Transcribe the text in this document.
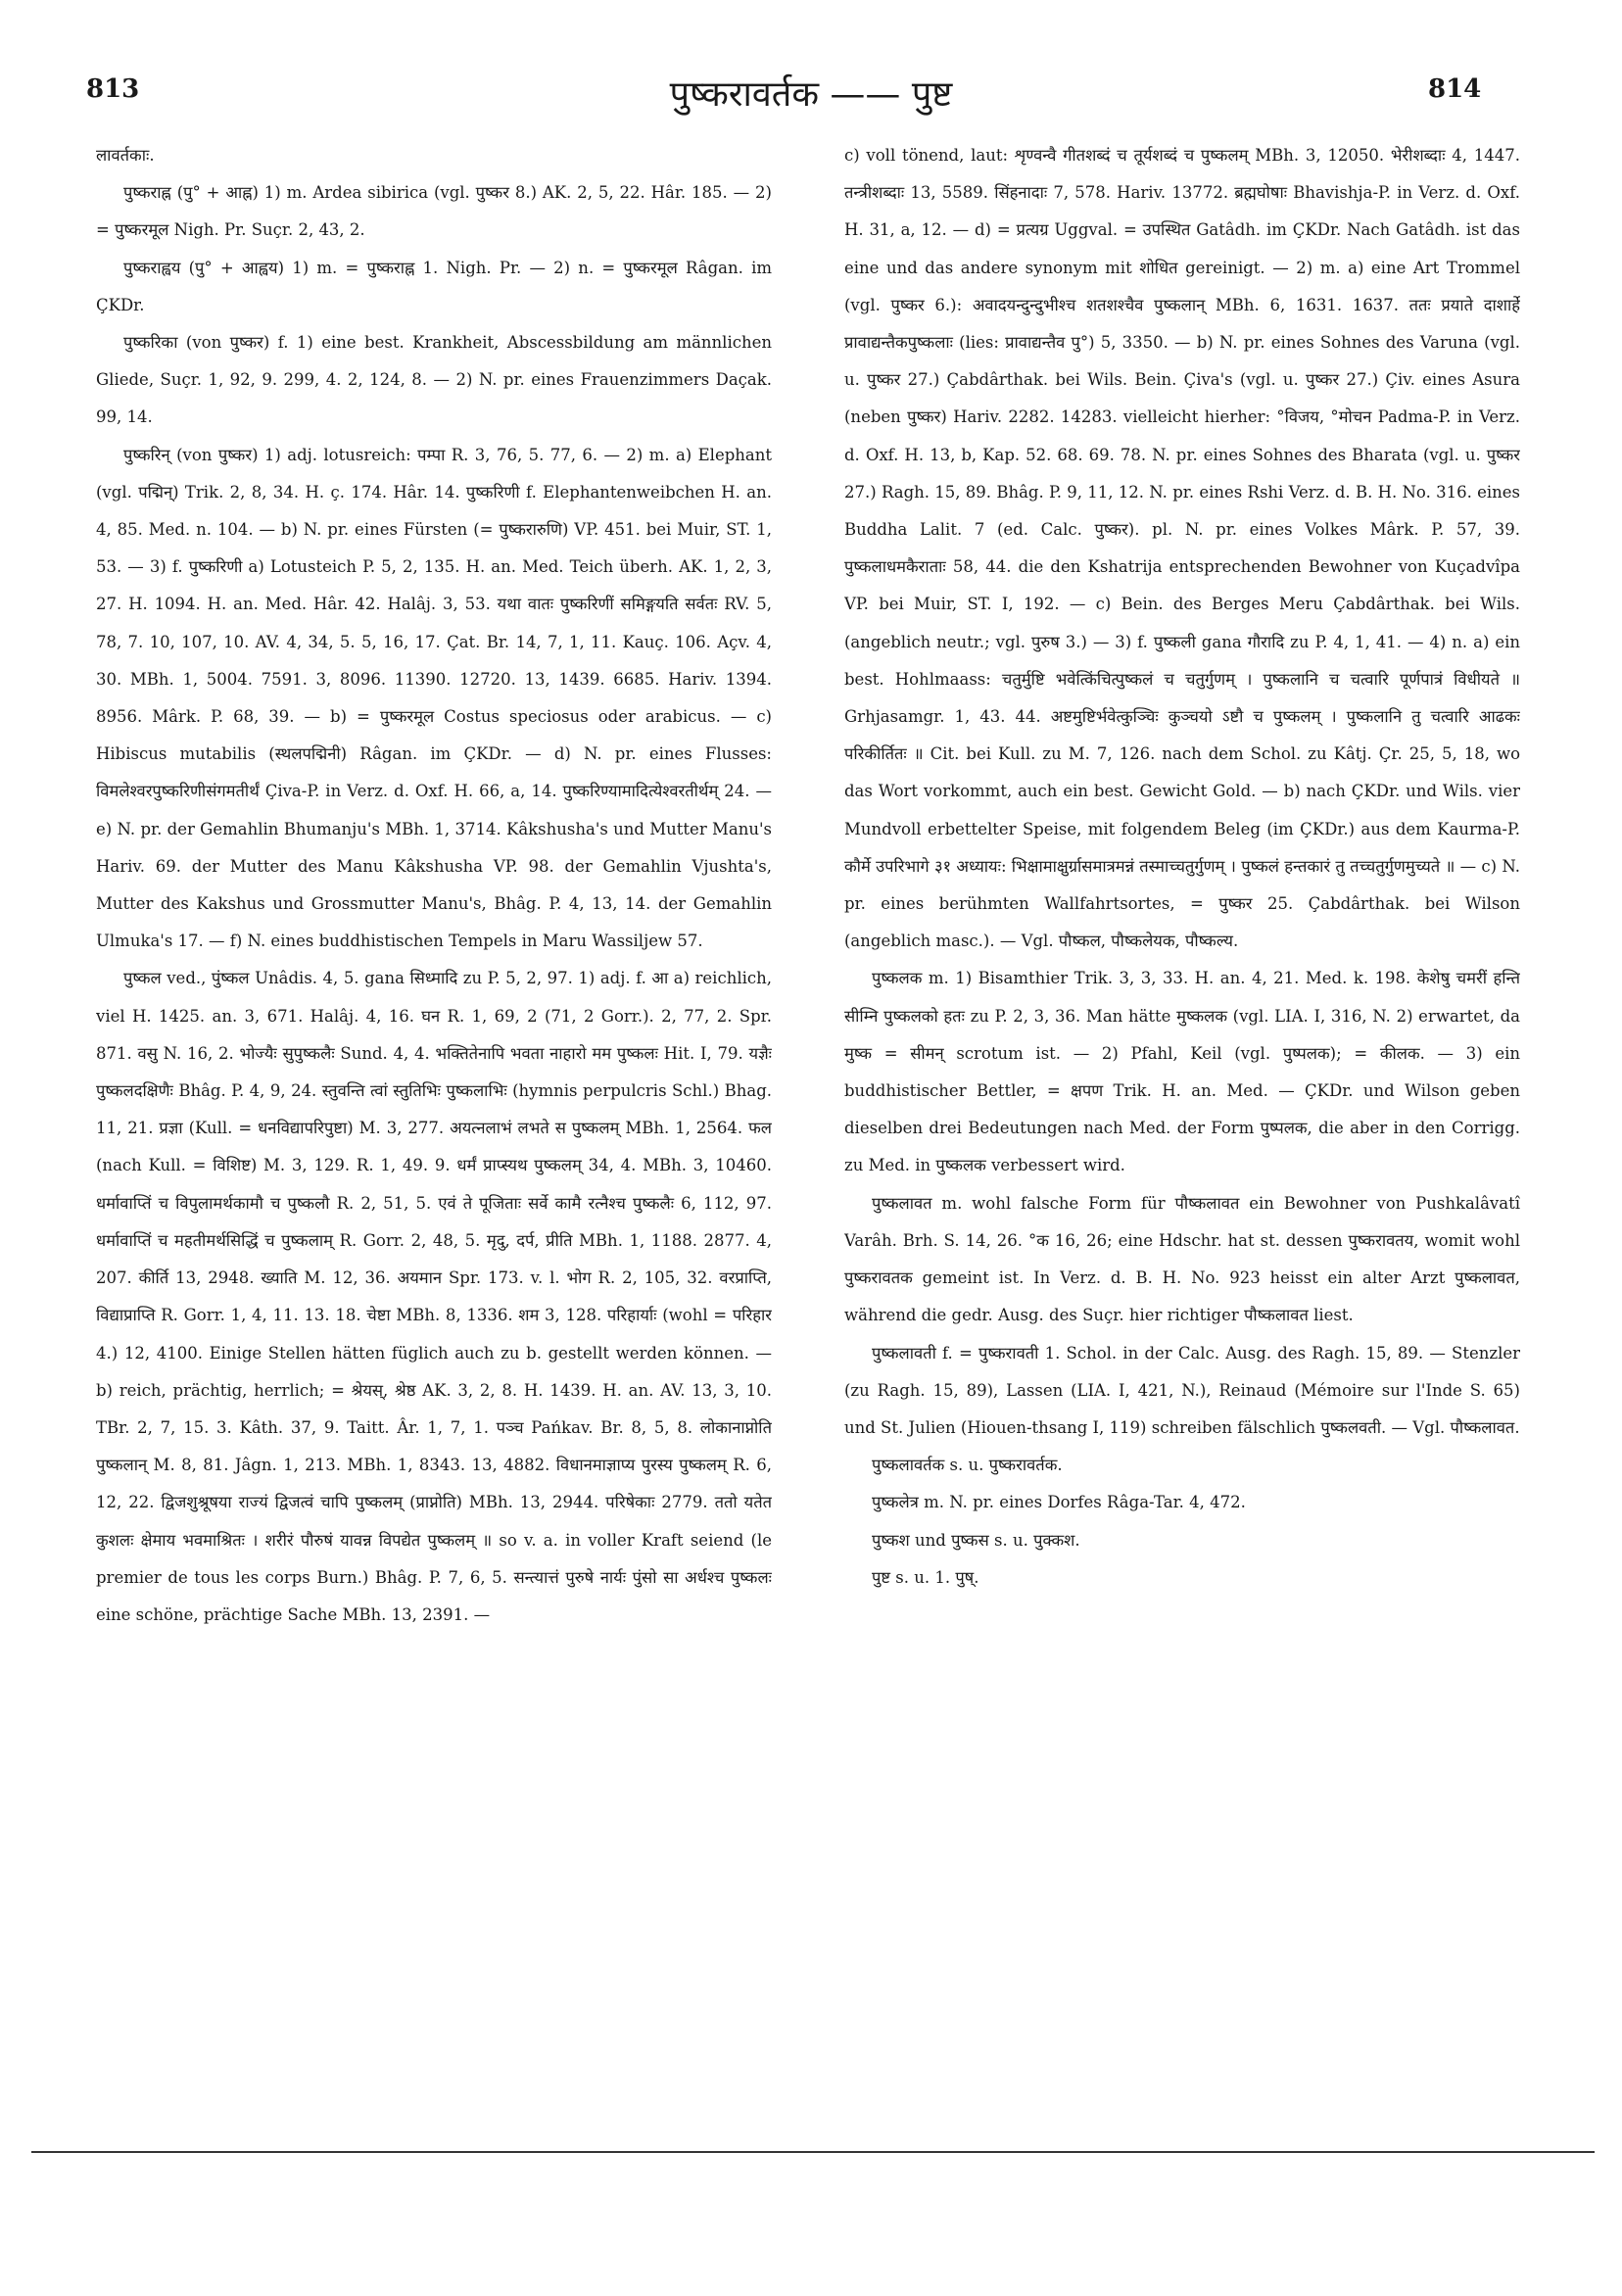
813	पुष्करावर्तक —— पुष्ट	814

लावर्तकाः.

पुष्कराह्न (पु° + आह्न) 1) m. Ardea sibirica (vgl. पुष्कर 8.) AK. 2, 5, 22. Hâr. 185. — 2) = पुष्करमूल Nigh. Pr. Suçr. 2, 43, 2.

पुष्कराह्वय (पु° + आह्वय) 1) m. = पुष्कराह्न 1. Nigh. Pr. — 2) n. = पुष्करमूल Râgan. im ÇKDr.

पुष्करिका (von पुष्कर) f. 1) eine best. Krankheit, Abscessbildung am männlichen Gliede, Suçr. 1, 92, 9. 299, 4. 2, 124, 8. — 2) N. pr. eines Frauenzimmers Daçak. 99, 14.

पुष्करिन् (von पुष्कर) 1) adj. lotusreich: पम्पा R. 3, 76, 5. 77, 6. — 2) m. a) Elephant (vgl. पद्मिन्) Trik. 2, 8, 34. H. ç. 174. Hâr. 14. पुष्करिणी f. Elephantenweibchen H. an. 4, 85. Med. n. 104. — b) N. pr. eines Fürsten (= पुष्करारुणि) VP. 451. bei Muir, ST. 1, 53. — 3) f. पुष्करिणी a) Lotusteich P. 5, 2, 135. H. an. Med. Teich überh. AK. 1, 2, 3, 27. H. 1094. H. an. Med. Hâr. 42. Halâj. 3, 53. यथा वातः पुष्करिणीं समिङ्गयति सर्वतः RV. 5, 78, 7. 10, 107, 10. AV. 4, 34, 5. 5, 16, 17. Çat. Br. 14, 7, 1, 11. Kauç. 106. Açv. 4, 30. MBh. 1, 5004. 7591. 3, 8096. 11390. 12720. 13, 1439. 6685. Hariv. 1394. 8956. Mârk. P. 68, 39. — b) = पुष्करमूल Costus speciosus oder arabicus. — c) Hibiscus mutabilis (स्थलपद्मिनी) Râgan. im ÇKDr. — d) N. pr. eines Flusses: विमलेश्वरपुष्करिणीसंगमतीर्थं Çiva-P. in Verz. d. Oxf. H. 66, a, 14. पुष्करिण्यामादित्येश्वरतीर्थम् 24. — e) N. pr. der Gemahlin Bhumanju's MBh. 1, 3714. Kâkshusha's und Mutter Manu's Hariv. 69. der Mutter des Manu Kâkshusha VP. 98. der Gemahlin Vjushta's, Mutter des Kakshus und Grossmutter Manu's, Bhâg. P. 4, 13, 14. der Gemahlin Ulmuka's 17. — f) N. eines buddhistischen Tempels in Maru Wassiljew 57.

पुष्कल ved., पुंष्कल Unâdis. 4, 5. gana सिध्मादि zu P. 5, 2, 97. 1) adj. f. आ a) reichlich, viel H. 1425. an. 3, 671. Halâj. 4, 16. घन R. 1, 69, 2 (71, 2 Gorr.). 2, 77, 2. Spr. 871. वसु N. 16, 2. भोज्यैः सुपुष्कलैः Sund. 4, 4. भक्तितेनापि भवता नाहारो मम पुष्कलः Hit. I, 79. यज्ञैः पुष्कलदक्षिणैः Bhâg. P. 4, 9, 24. स्तुवन्ति त्वां स्तुतिभिः पुष्कलाभिः (hymnis perpulcris Schl.) Bhag. 11, 21. प्रज्ञा (Kull. = धनविद्यापरिपुष्टा) M. 3, 277. अयत्नलाभं लभते स पुष्कलम् MBh. 1, 2564. फल (nach Kull. = विशिष्ट) M. 3, 129. R. 1, 49. 9. धर्मं प्राप्स्यथ पुष्कलम् 34, 4. MBh. 3, 10460. धर्मावाप्तिं च विपुलामर्थकामौ च पुष्कलौ R. 2, 51, 5. एवं ते पूजिताः सर्वे कामै रत्नैश्च पुष्कलैः 6, 112, 97. धर्मावाप्तिं च महतीमर्थसिद्धिं च पुष्कलाम् R. Gorr. 2, 48, 5. मृदु, दर्प, प्रीति MBh. 1, 1188. 2877. 4, 207. कीर्ति 13, 2948. ख्याति M. 12, 36. अयमान Spr. 173. v. l. भोग R. 2, 105, 32. वरप्राप्ति, विद्याप्राप्ति R. Gorr. 1, 4, 11. 13. 18. चेष्टा MBh. 8, 1336. शम 3, 128. परिहार्याः (wohl = परिहार 4.) 12, 4100. Einige Stellen hätten füglich auch zu b. gestellt werden können. — b) reich, prächtig, herrlich; = श्रेयस्, श्रेष्ठ AK. 3, 2, 8. H. 1439. H. an. AV. 13, 3, 10. TBr. 2, 7, 15. 3. Kâth. 37, 9. Taitt. Âr. 1, 7, 1. पञ्च Pańkav. Br. 8, 5, 8. लोकानाप्नोति पुष्कलान् M. 8, 81. Jâgn. 1, 213. MBh. 1, 8343. 13, 4882. विधानमाज्ञाप्य पुरस्य पुष्कलम् R. 6, 12, 22. द्विजशुश्रूषया राज्यं द्विजत्वं चापि पुष्कलम् (प्राप्नोति) MBh. 13, 2944. परिषेकाः 2779. ततो यतेत कुशलः क्षेमाय भवमाश्रितः । शरीरं पौरुषं यावन्न विपद्येत पुष्कलम् ॥ so v. a. in voller Kraft seiend (le premier de tous les corps Burn.) Bhâg. P. 7, 6, 5. सन्त्यात्तं पुरुषे नार्यः पुंसो सा अर्धश्च पुष्कलः eine schöne, prächtige Sache MBh. 13, 2391. —

c) voll tönend, laut: शृण्वन्वै गीतशब्दं च तूर्यशब्दं च पुष्कलम् MBh. 3, 12050. भेरीशब्दाः 4, 1447. तन्त्रीशब्दाः 13, 5589. सिंहनादाः 7, 578. Hariv. 13772. ब्रह्मघोषाः Bhavishja-P. in Verz. d. Oxf. H. 31, a, 12. — d) = प्रत्यग्र Uggval. = उपस्थित Gatâdh. im ÇKDr. Nach Gatâdh. ist das eine und das andere synonym mit शोधित gereinigt. — 2) m. a) eine Art Trommel (vgl. पुष्कर 6.): अवादयन्दुन्दुभीश्च शतशश्चैव पुष्कलान् MBh. 6, 1631. 1637. ततः प्रयाते दाशार्हे प्रावाद्यन्तैकपुष्कलाः (lies: प्रावाद्यन्तैव पु°) 5, 3350. — b) N. pr. eines Sohnes des Varuna (vgl. u. पुष्कर 27.) Çabdârthak. bei Wils. Bein. Çiva's (vgl. u. पुष्कर 27.) Çiv. eines Asura (neben पुष्कर) Hariv. 2282. 14283. vielleicht hierher: °विजय, °मोचन Padma-P. in Verz. d. Oxf. H. 13, b, Kap. 52. 68. 69. 78. N. pr. eines Sohnes des Bharata (vgl. u. पुष्कर 27.) Ragh. 15, 89. Bhâg. P. 9, 11, 12. N. pr. eines Rshi Verz. d. B. H. No. 316. eines Buddha Lalit. 7 (ed. Calc. पुष्कर). pl. N. pr. eines Volkes Mârk. P. 57, 39. पुष्कलाधमकैराताः 58, 44. die den Kshatrija entsprechenden Bewohner von Kuçadvîpa VP. bei Muir, ST. I, 192. — c) Bein. des Berges Meru Çabdârthak. bei Wils. (angeblich neutr.; vgl. पुरुष 3.) — 3) f. पुष्कली gana गौरादि zu P. 4, 1, 41. — 4) n. a) ein best. Hohlmaass: चतुर्मुष्टि भवेत्किंचित्पुष्कलं च चतुर्गुणम् । पुष्कलानि च चत्वारि पूर्णपात्रं विधीयते ॥ Grhjasamgr. 1, 43. 44. अष्टमुष्टिर्भवेत्कुञ्चिः कुञ्चयो ऽष्टौ च पुष्कलम् । पुष्कलानि तु चत्वारि आढकः परिकीर्तितः ॥ Cit. bei Kull. zu M. 7, 126. nach dem Schol. zu Kâtj. Çr. 25, 5, 18, wo das Wort vorkommt, auch ein best. Gewicht Gold. — b) nach ÇKDr. und Wils. vier Mundvoll erbettelter Speise, mit folgendem Beleg (im ÇKDr.) aus dem Kaurma-P. कौर्मे उपरिभागे ३१ अध्यायः: भिक्षामाक्षुर्ग्रासमात्रमन्नं तस्माच्चतुर्गुणम् । पुष्कलं हन्तकारं तु तच्चतुर्गुणमुच्यते ॥ — c) N. pr. eines berühmten Wallfahrtsortes, = पुष्कर 25. Çabdârthak. bei Wilson (angeblich masc.). — Vgl. पौष्कल, पौष्कलेयक, पौष्कल्य.

पुष्कलक m. 1) Bisamthier Trik. 3, 3, 33. H. an. 4, 21. Med. k. 198. केशेषु चमरीं हन्ति सीम्नि पुष्कलको हतः zu P. 2, 3, 36. Man hätte मुष्कलक (vgl. LIA. I, 316, N. 2) erwartet, da मुष्क = सीमन् scrotum ist. — 2) Pfahl, Keil (vgl. पुष्पलक); = कीलक. — 3) ein buddhistischer Bettler, = क्षपण Trik. H. an. Med. — ÇKDr. und Wilson geben dieselben drei Bedeutungen nach Med. der Form पुष्पलक, die aber in den Corrigg. zu Med. in पुष्कलक verbessert wird.

पुष्कलावत m. wohl falsche Form für पौष्कलावत ein Bewohner von Pushkalâvatî Varâh. Brh. S. 14, 26. °क 16, 26; eine Hdschr. hat st. dessen पुष्करावतय, womit wohl पुष्करावतक gemeint ist. In Verz. d. B. H. No. 923 heisst ein alter Arzt पुष्कलावत, während die gedr. Ausg. des Suçr. hier richtiger पौष्कलावत liest.

पुष्कलावती f. = पुष्करावती 1. Schol. in der Calc. Ausg. des Ragh. 15, 89. — Stenzler (zu Ragh. 15, 89), Lassen (LIA. I, 421, N.), Reinaud (Mémoire sur l'Inde S. 65) und St. Julien (Hiouen-thsang I, 119) schreiben fälschlich पुष्कलवती. — Vgl. पौष्कलावत.

पुष्कलावर्तक s. u. पुष्करावर्तक.

पुष्कलेत्र m. N. pr. eines Dorfes Râga-Tar. 4, 472.

पुष्कश und पुष्कस s. u. पुक्कश.

पुष्ट s. u. 1. पुष्.
